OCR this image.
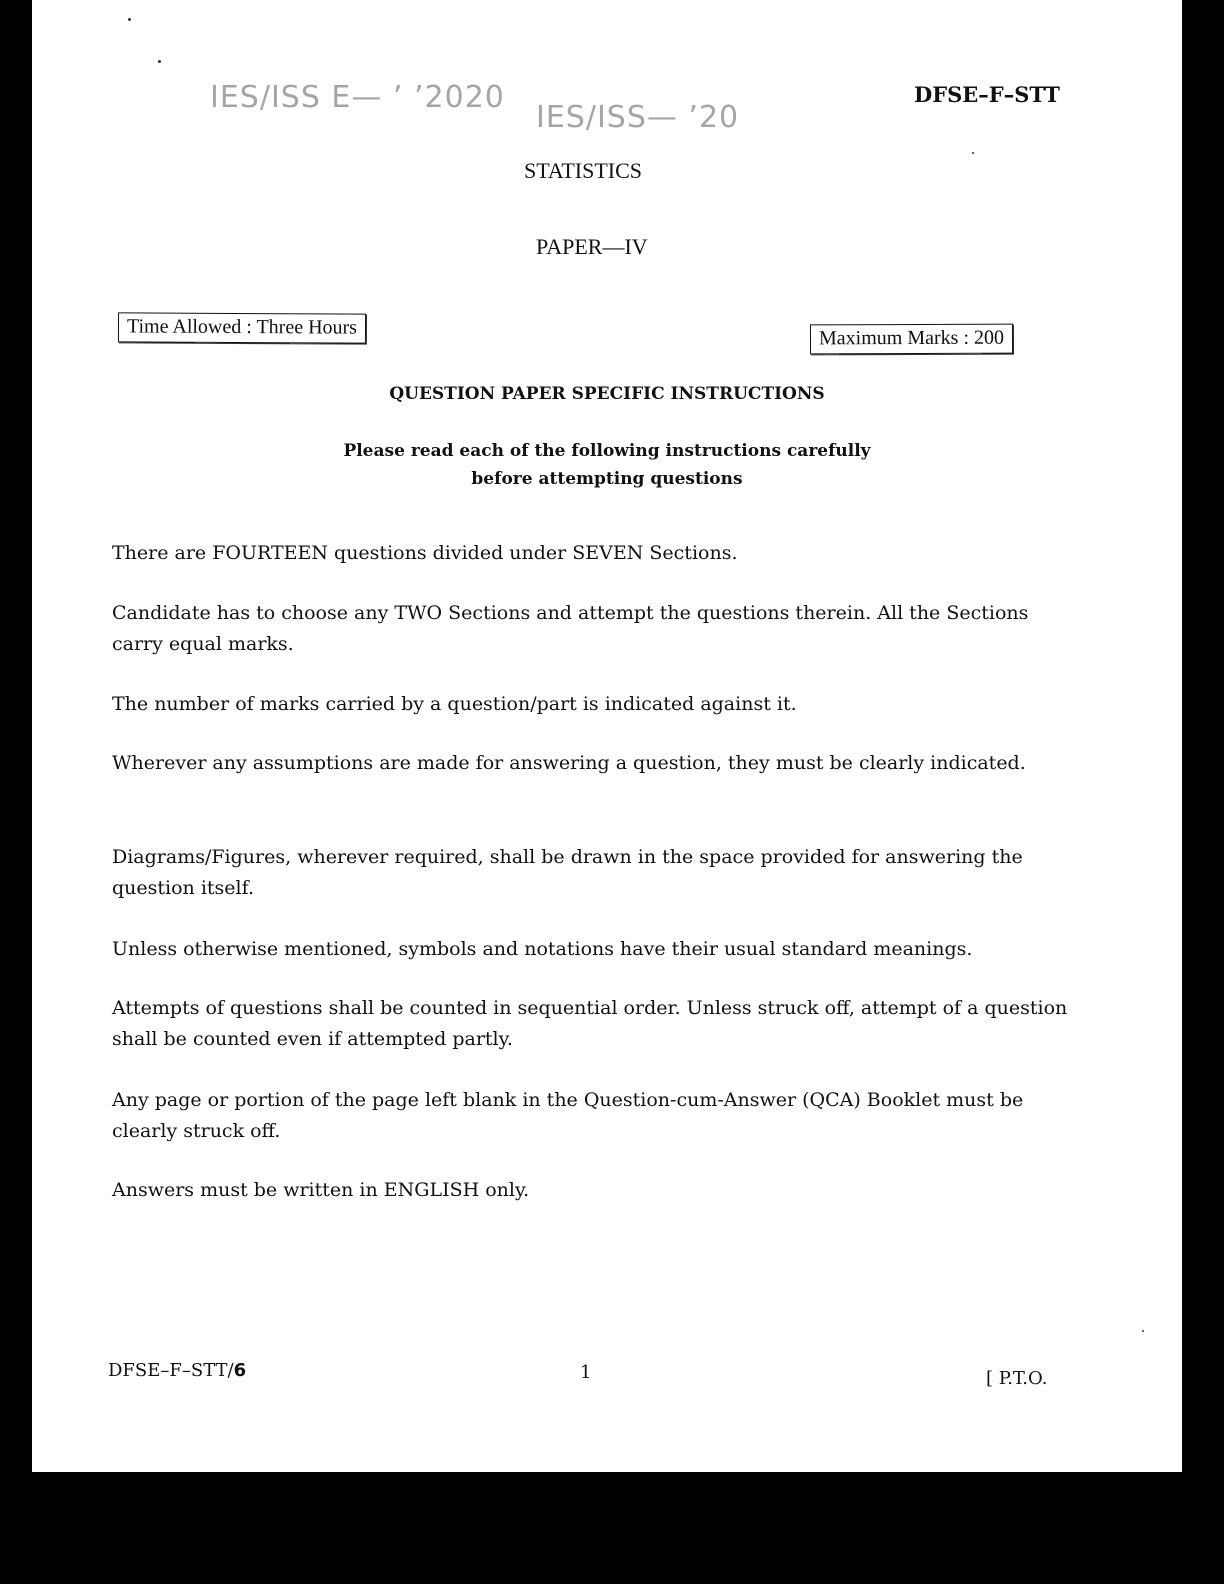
IES/ISS E— ’ ’2020
IES/ISS— ’20
DFSE–F–STT
STATISTICS
PAPER—IV
Time Allowed : Three Hours	Maximum Marks : 200
QUESTION PAPER SPECIFIC INSTRUCTIONS
Please read each of the following instructions carefully
before attempting questions
There are FOURTEEN questions divided under SEVEN Sections.
Candidate has to choose any TWO Sections and attempt the questions therein. All the Sections carry equal marks.
The number of marks carried by a question/part is indicated against it.
Wherever any assumptions are made for answering a question, they must be clearly indicated.
Diagrams/Figures, wherever required, shall be drawn in the space provided for answering the question itself.
Unless otherwise mentioned, symbols and notations have their usual standard meanings.
Attempts of questions shall be counted in sequential order. Unless struck off, attempt of a question shall be counted even if attempted partly.
Any page or portion of the page left blank in the Question-cum-Answer (QCA) Booklet must be clearly struck off.
Answers must be written in ENGLISH only.
DFSE–F–STT/6	1	[ P.T.O.
